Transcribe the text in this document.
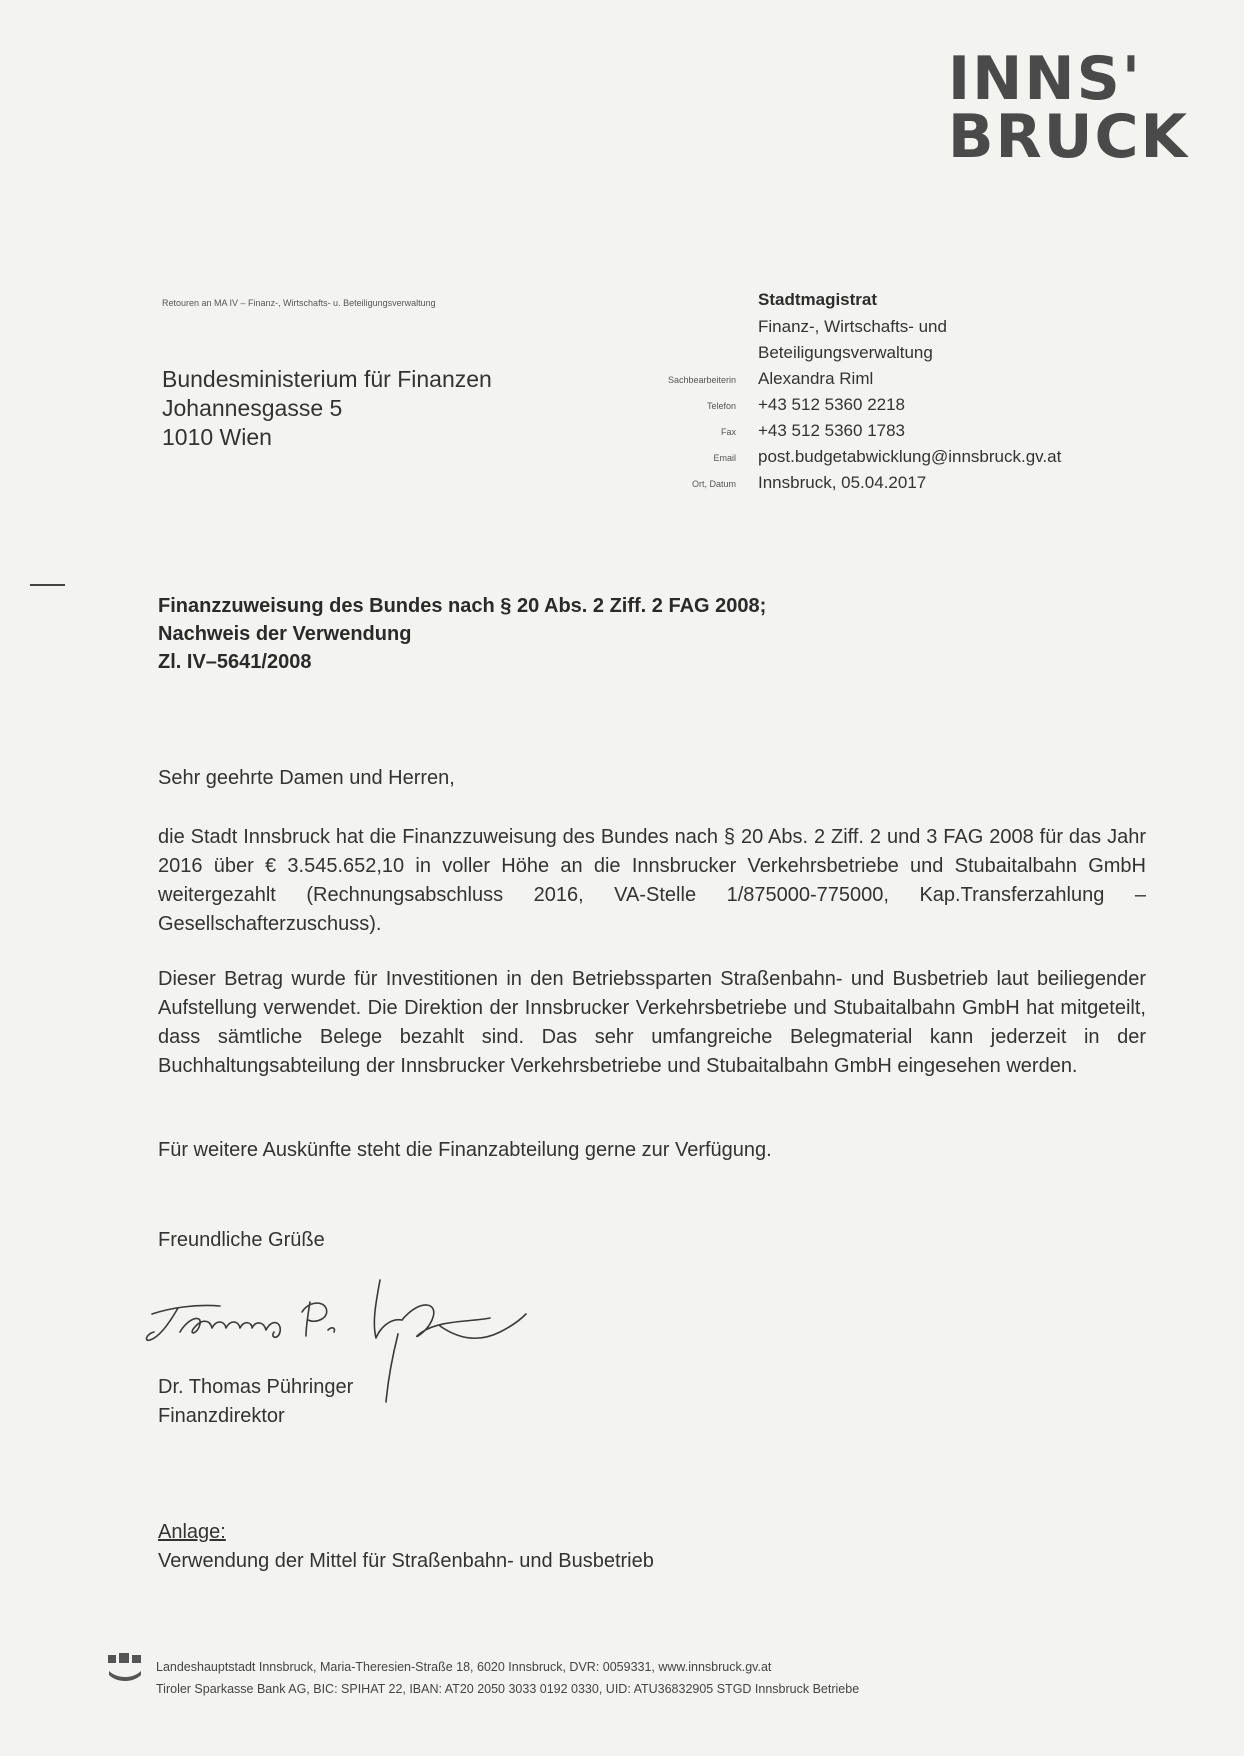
INNS'
BRUCK
Retouren an MA IV – Finanz-, Wirtschafts- u. Beteiligungsverwaltung
Bundesministerium für Finanzen
Johannesgasse 5
1010 Wien
Stadtmagistrat
Finanz-, Wirtschafts- und
Beteiligungsverwaltung
Sachbearbeiterin Alexandra Riml
Telefon +43 512 5360 2218
Fax +43 512 5360 1783
Email post.budgetabwicklung@innsbruck.gv.at
Ort, Datum Innsbruck, 05.04.2017
Finanzzuweisung des Bundes nach § 20 Abs. 2 Ziff. 2 FAG 2008;
Nachweis der Verwendung
Zl. IV–5641/2008
Sehr geehrte Damen und Herren,
die Stadt Innsbruck hat die Finanzzuweisung des Bundes nach § 20 Abs. 2 Ziff. 2 und 3 FAG 2008 für das Jahr 2016 über € 3.545.652,10 in voller Höhe an die Innsbrucker Verkehrsbetriebe und Stubaitalbahn GmbH weitergezahlt (Rechnungsabschluss 2016, VA-Stelle 1/875000-775000, Kap.Transferzahlung – Gesellschafterzuschuss).
Dieser Betrag wurde für Investitionen in den Betriebssparten Straßenbahn- und Busbetrieb laut beiliegender Aufstellung verwendet. Die Direktion der Innsbrucker Verkehrsbetriebe und Stubaitalbahn GmbH hat mitgeteilt, dass sämtliche Belege bezahlt sind. Das sehr umfangreiche Belegmaterial kann jederzeit in der Buchhaltungsabteilung der Innsbrucker Verkehrsbetriebe und Stubaitalbahn GmbH eingesehen werden.
Für weitere Auskünfte steht die Finanzabteilung gerne zur Verfügung.
Freundliche Grüße
Dr. Thomas Pühringer
Finanzdirektor
Anlage:
Verwendung der Mittel für Straßenbahn- und Busbetrieb
Landeshauptstadt Innsbruck, Maria-Theresien-Straße 18, 6020 Innsbruck, DVR: 0059331, www.innsbruck.gv.at
Tiroler Sparkasse Bank AG, BIC: SPIHAT 22, IBAN: AT20 2050 3033 0192 0330, UID: ATU36832905 STGD Innsbruck Betriebe
